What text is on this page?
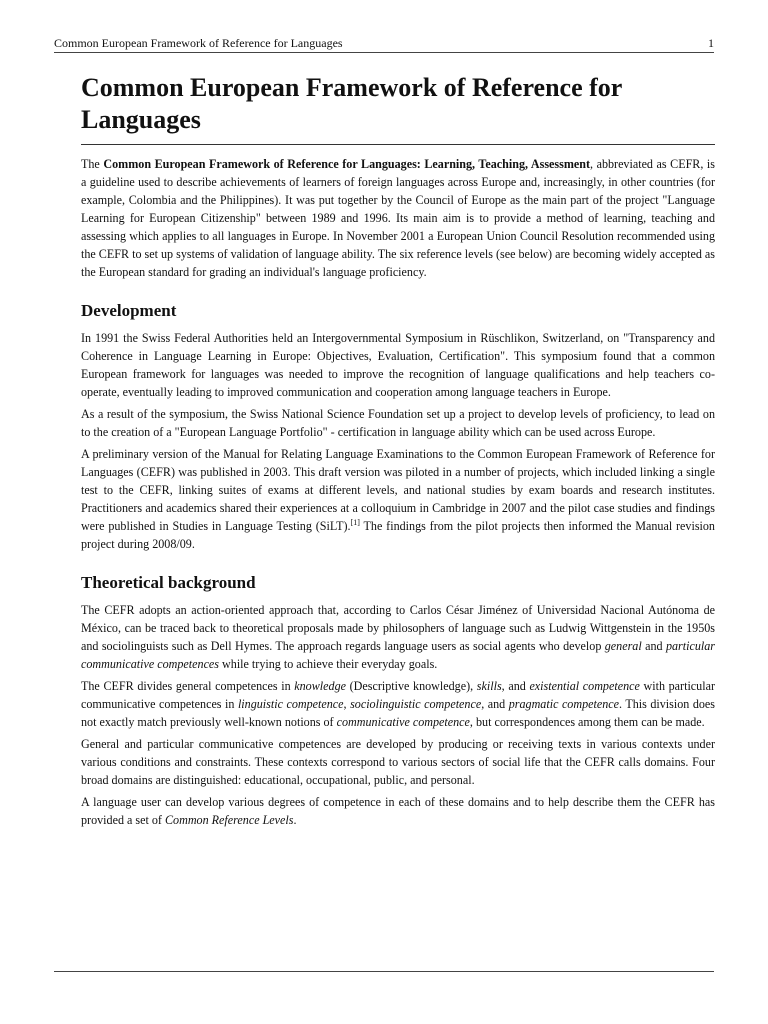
Common European Framework of Reference for Languages	1
Common European Framework of Reference for Languages

The Common European Framework of Reference for Languages: Learning, Teaching, Assessment, abbreviated as CEFR, is a guideline used to describe achievements of learners of foreign languages across Europe and, increasingly, in other countries (for example, Colombia and the Philippines). It was put together by the Council of Europe as the main part of the project "Language Learning for European Citizenship" between 1989 and 1996. Its main aim is to provide a method of learning, teaching and assessing which applies to all languages in Europe. In November 2001 a European Union Council Resolution recommended using the CEFR to set up systems of validation of language ability. The six reference levels (see below) are becoming widely accepted as the European standard for grading an individual's language proficiency.

Development

In 1991 the Swiss Federal Authorities held an Intergovernmental Symposium in Rüschlikon, Switzerland, on "Transparency and Coherence in Language Learning in Europe: Objectives, Evaluation, Certification". This symposium found that a common European framework for languages was needed to improve the recognition of language qualifications and help teachers co-operate, eventually leading to improved communication and cooperation among language teachers in Europe.

As a result of the symposium, the Swiss National Science Foundation set up a project to develop levels of proficiency, to lead on to the creation of a "European Language Portfolio" - certification in language ability which can be used across Europe.

A preliminary version of the Manual for Relating Language Examinations to the Common European Framework of Reference for Languages (CEFR) was published in 2003. This draft version was piloted in a number of projects, which included linking a single test to the CEFR, linking suites of exams at different levels, and national studies by exam boards and research institutes. Practitioners and academics shared their experiences at a colloquium in Cambridge in 2007 and the pilot case studies and findings were published in Studies in Language Testing (SiLT).[1] The findings from the pilot projects then informed the Manual revision project during 2008/09.

Theoretical background

The CEFR adopts an action-oriented approach that, according to Carlos César Jiménez of Universidad Nacional Autónoma de México, can be traced back to theoretical proposals made by philosophers of language such as Ludwig Wittgenstein in the 1950s and sociolinguists such as Dell Hymes. The approach regards language users as social agents who develop general and particular communicative competences while trying to achieve their everyday goals.

The CEFR divides general competences in knowledge (Descriptive knowledge), skills, and existential competence with particular communicative competences in linguistic competence, sociolinguistic competence, and pragmatic competence. This division does not exactly match previously well-known notions of communicative competence, but correspondences among them can be made.

General and particular communicative competences are developed by producing or receiving texts in various contexts under various conditions and constraints. These contexts correspond to various sectors of social life that the CEFR calls domains. Four broad domains are distinguished: educational, occupational, public, and personal.

A language user can develop various degrees of competence in each of these domains and to help describe them the CEFR has provided a set of Common Reference Levels.
